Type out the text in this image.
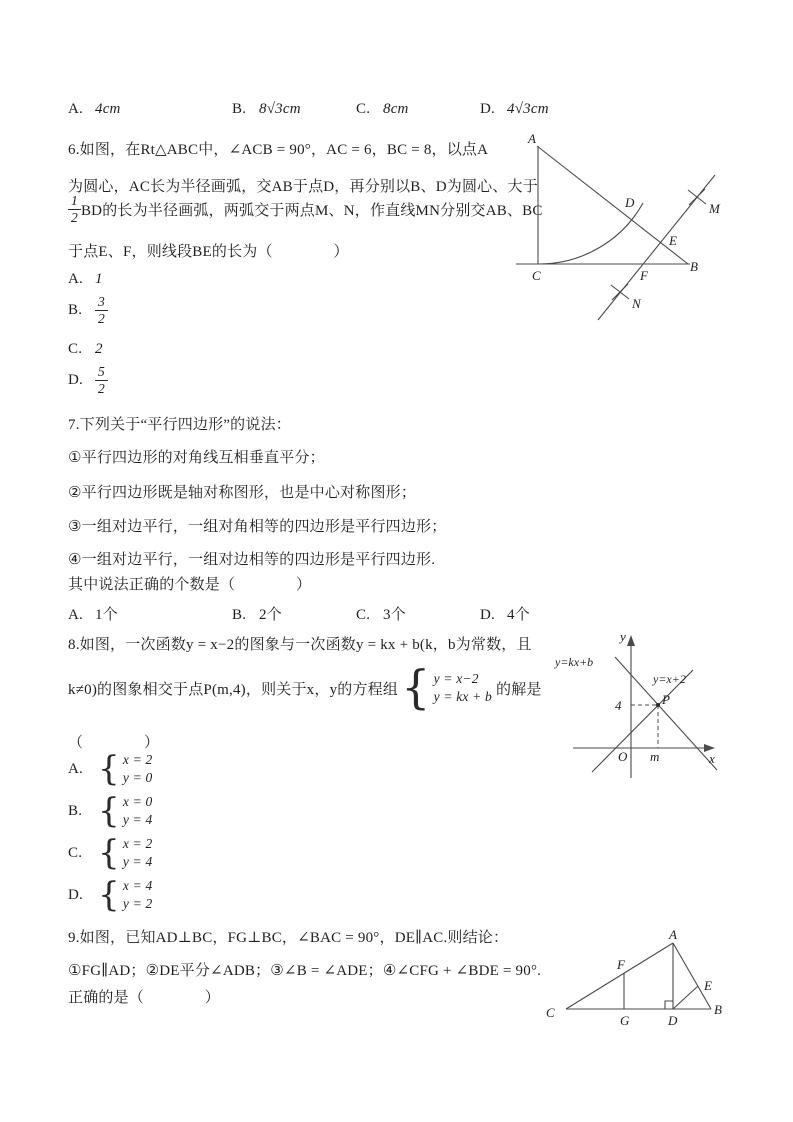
A. 4cm	B. 8√3cm	C. 8cm	D. 4√3cm
6.如图，在Rt△ABC中，∠ACB = 90°，AC = 6，BC = 8，以点A
为圆心，AC长为半径画弧，交AB于点D，再分别以B、D为圆心、大于
$\frac{1}{2}$ BD的长为半径画弧，两弧交于两点M、N，作直线MN分别交AB、BC
于点E、F，则线段BE的长为（　　　　）
A. 1
B. $\frac{3}{2}$
C. 2
D. $\frac{5}{2}$
A
B
C
D
E
F
M
N
7.下列关于“平行四边形”的说法：
①平行四边形的对角线互相垂直平分；
②平行四边形既是轴对称图形，也是中心对称图形；
③一组对边平行，一组对角相等的四边形是平行四边形；
④一组对边平行，一组对边相等的四边形是平行四边形.
其中说法正确的个数是（　　　　）
A. 1个	B. 2个	C. 3个	D. 4个
8.如图，一次函数y = x−2的图象与一次函数y = kx + b(k，b为常数，且
k≠0)的图象相交于点P(m,4)，则关于x，y的方程组 { y = x−2
y = kx + b 的解是
（　　　　）
A. { x = 2
y = 0
B. { x = 0
y = 4
C. { x = 2
y = 4
D. { x = 4
y = 2
y
x
O
4
m
P
y=kx+b
y=x+2
9.如图，已知AD⊥BC，FG⊥BC，∠BAC = 90°，DE∥AC.则结论：
①FG∥AD；②DE平分∠ADB；③∠B = ∠ADE；④∠CFG + ∠BDE = 90°.
正确的是（　　　　）
A
B
C
D
E
F
G
